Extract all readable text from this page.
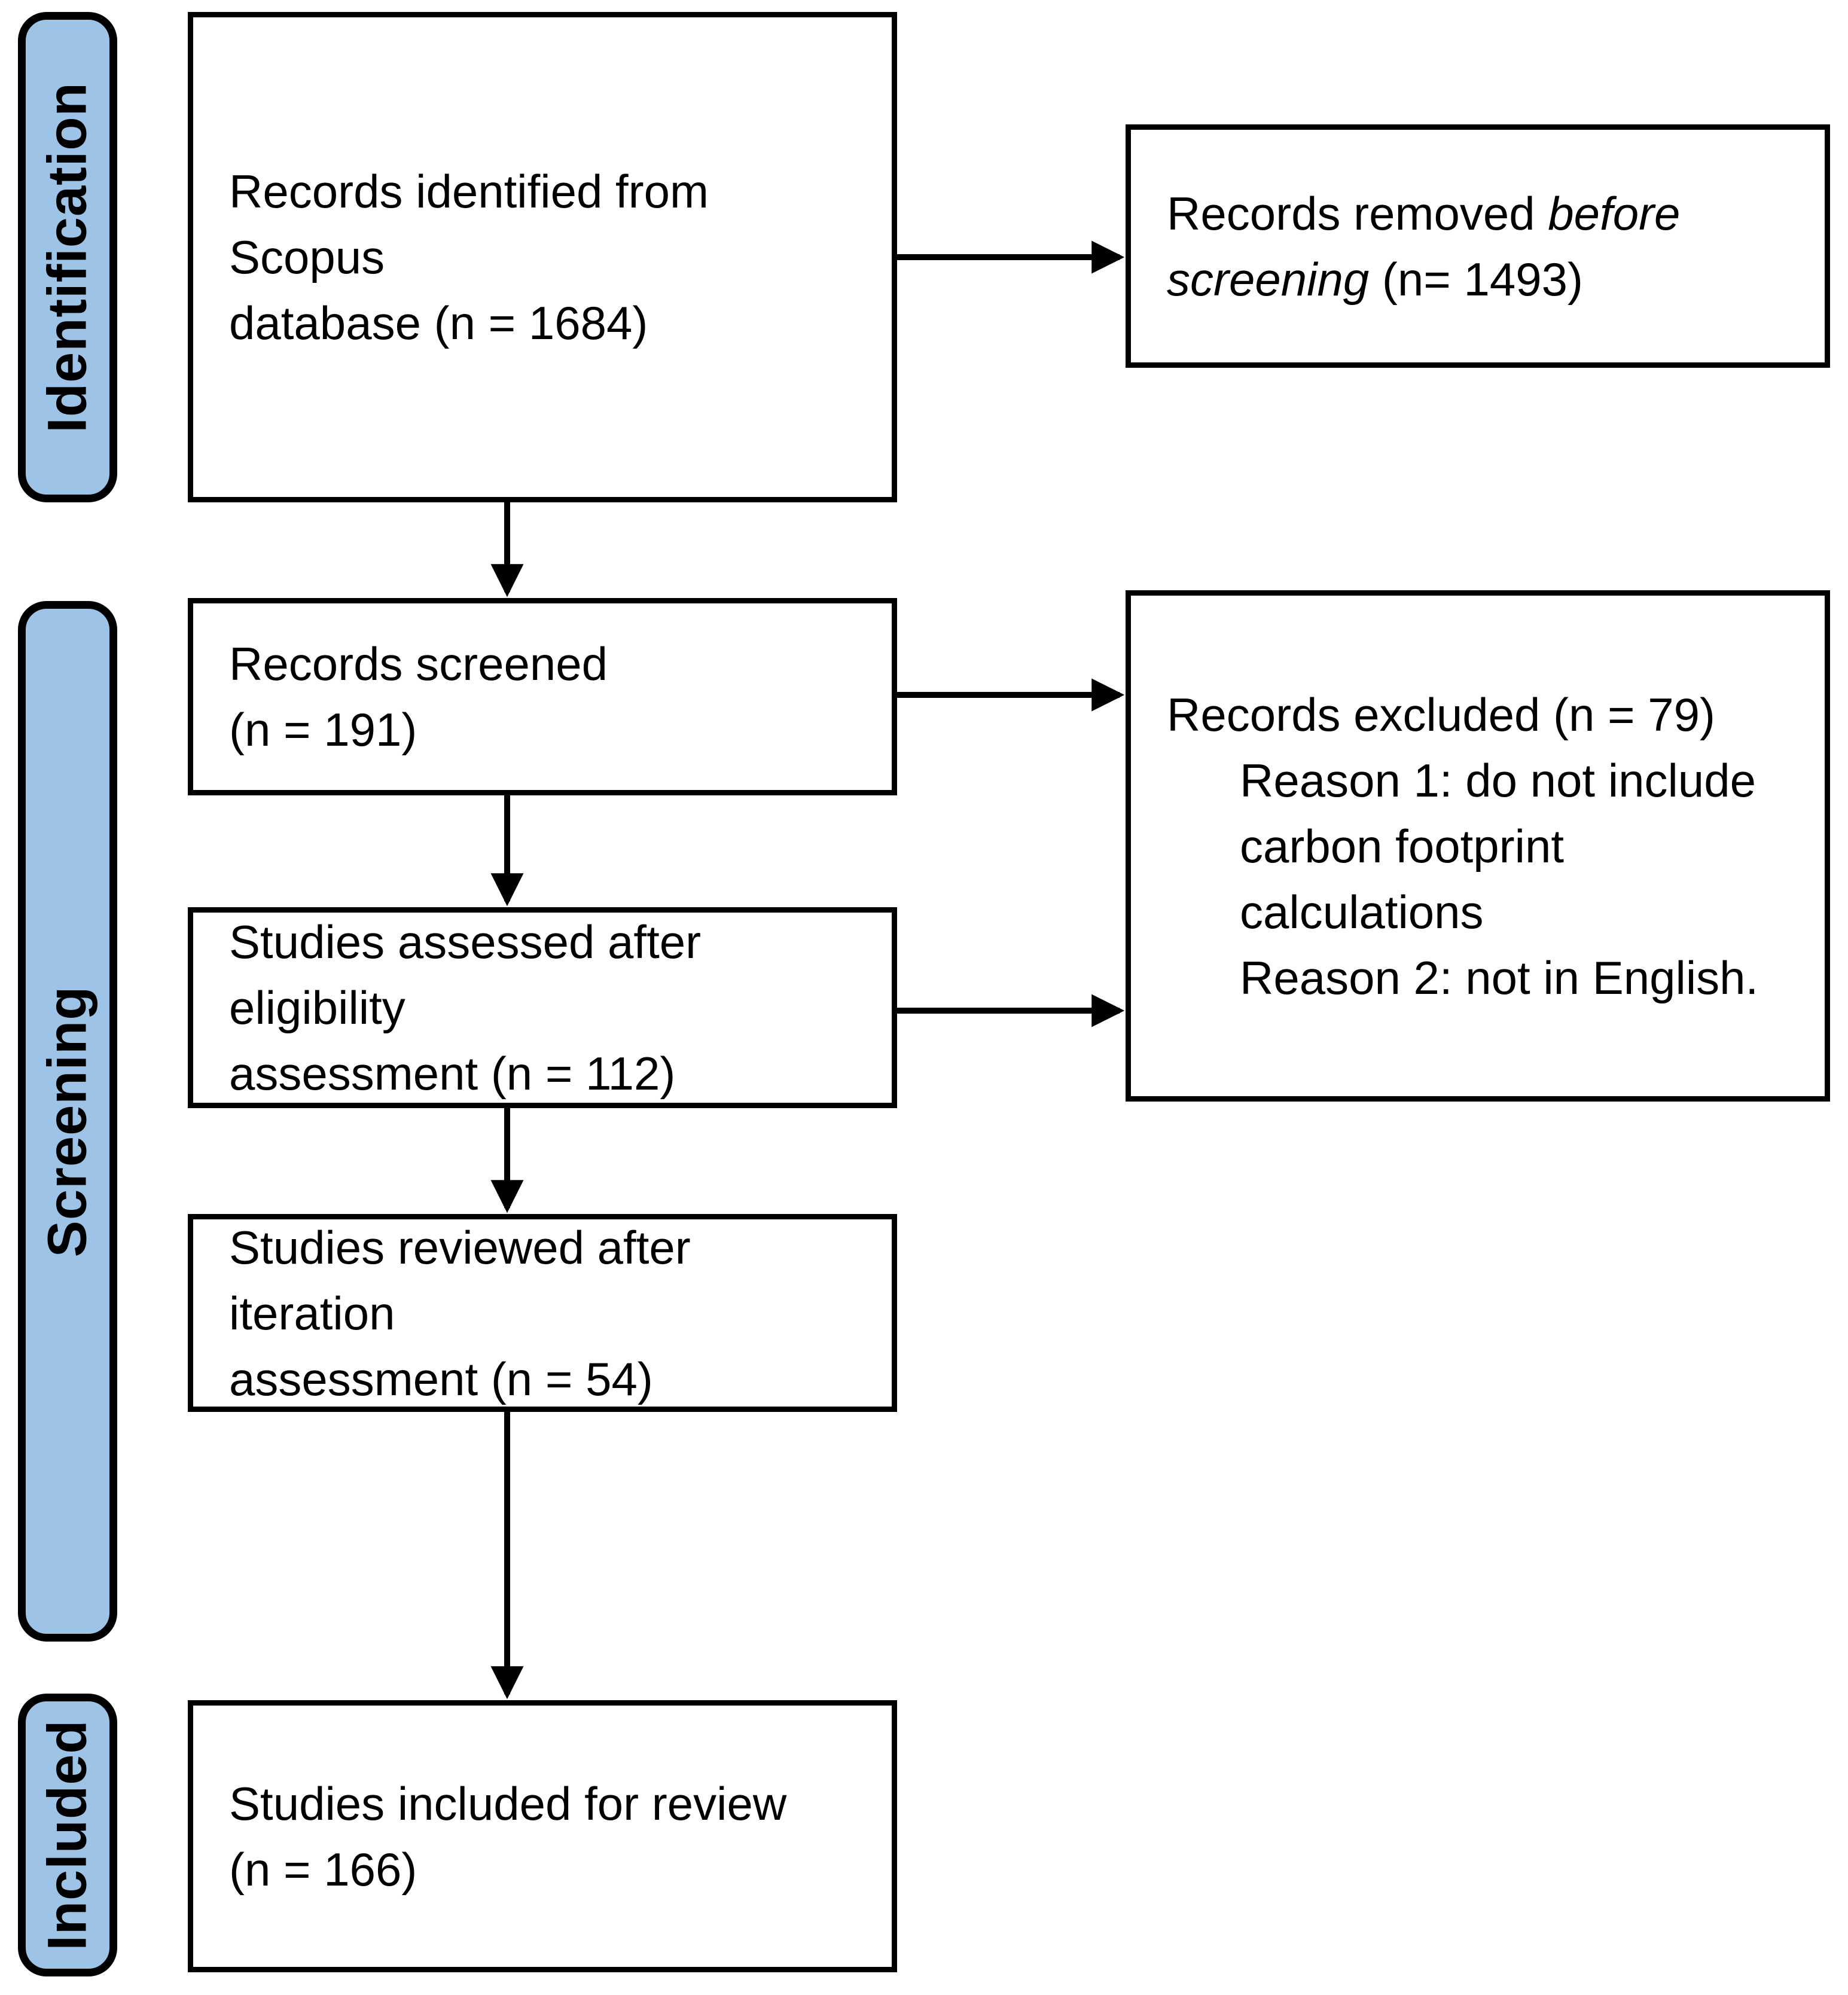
Identification
Screening
Included
Records identified from Scopus
database (n = 1684)
Records removed before
screening (n= 1493)
Records screened
(n = 191)	Records excluded (n = 79)
Reason 1: do not include
carbon footprint calculations
Reason 2: not in English.
Studies assessed after eligibility
assessment (n = 112)
Studies reviewed after iteration
assessment (n = 54)
Studies included for review
(n = 166)
